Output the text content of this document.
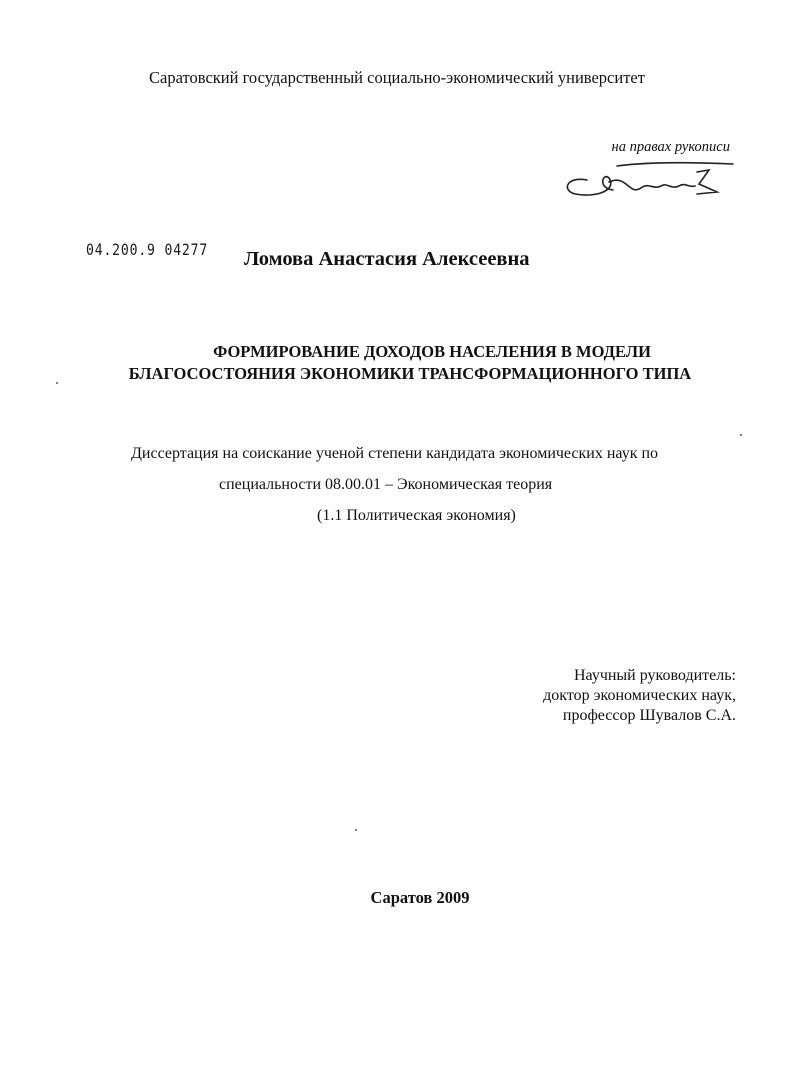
Саратовский государственный социально-экономический университет
на правах рукописи
04.200.9 04277 Ломова Анастасия Алексеевна
ФОРМИРОВАНИЕ ДОХОДОВ НАСЕЛЕНИЯ В МОДЕЛИ
БЛАГОСОСТОЯНИЯ ЭКОНОМИКИ ТРАНСФОРМАЦИОННОГО ТИПА
Диссертация на соискание ученой степени кандидата экономических наук по
специальности 08.00.01 – Экономическая теория
(1.1 Политическая экономия)
Научный руководитель:
доктор экономических наук,
профессор Шувалов С.А.
Саратов 2009
